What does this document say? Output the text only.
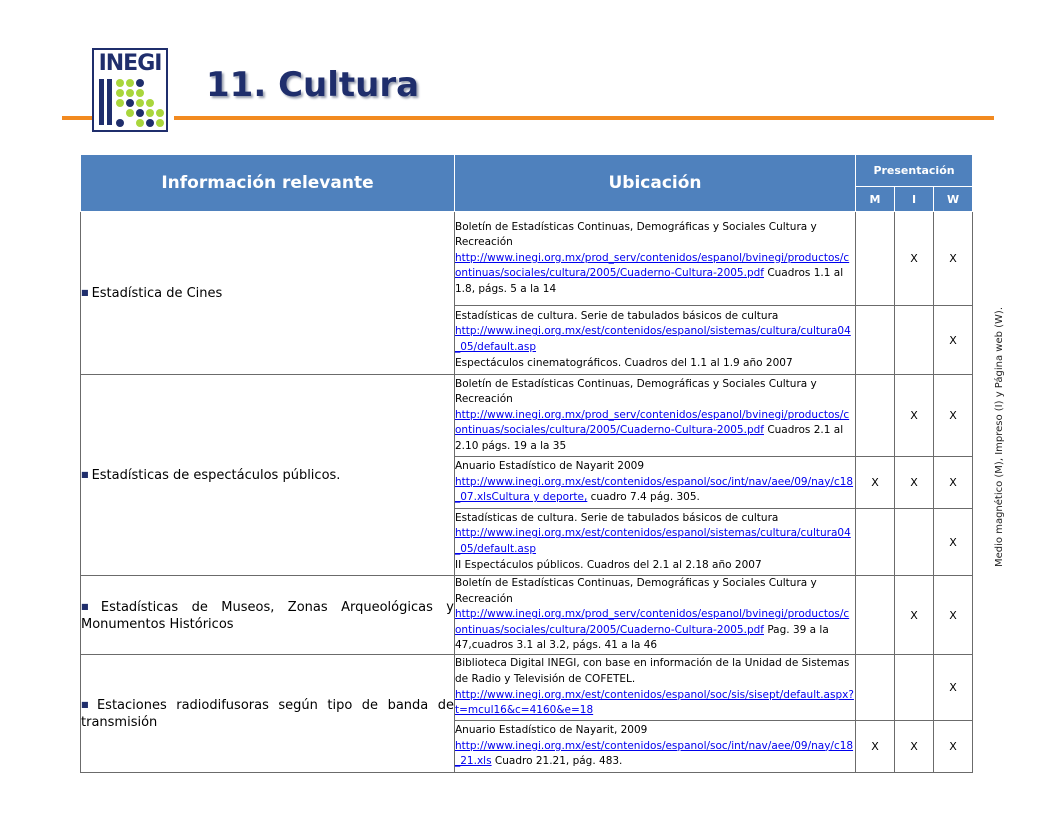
INEGI
11. Cultura
Información relevante	Ubicación	Presentación		
		M	I	W
■ Estadística de Cines	Boletín de Estadísticas Continuas, Demográficas y Sociales Cultura y Recreación
http://www.inegi.org.mx/prod_serv/contenidos/espanol/bvinegi/productos/continuas/sociales/cultura/2005/Cuaderno-Cultura-2005.pdf Cuadros 1.1 al 1.8, págs. 5 a la 14		X	X
	Estadísticas de cultura. Serie de tabulados básicos de cultura
http://www.inegi.org.mx/est/contenidos/espanol/sistemas/cultura/cultura04_05/default.asp
Espectáculos cinematográficos. Cuadros del 1.1 al 1.9 año 2007			X
■ Estadísticas de espectáculos públicos.	Boletín de Estadísticas Continuas, Demográficas y Sociales Cultura y Recreación
http://www.inegi.org.mx/prod_serv/contenidos/espanol/bvinegi/productos/continuas/sociales/cultura/2005/Cuaderno-Cultura-2005.pdf Cuadros 2.1 al 2.10 págs. 19 a la 35		X	X
	Anuario Estadístico de Nayarit 2009
http://www.inegi.org.mx/est/contenidos/espanol/soc/int/nav/aee/09/nay/c18_07.xlsCultura y deporte, cuadro 7.4 pág. 305.	X	X	X
	Estadísticas de cultura. Serie de tabulados básicos de cultura
http://www.inegi.org.mx/est/contenidos/espanol/sistemas/cultura/cultura04_05/default.asp
II Espectáculos públicos. Cuadros del 2.1 al 2.18 año 2007			X
■ Estadísticas de Museos, Zonas Arqueológicas y Monumentos Históricos	Boletín de Estadísticas Continuas, Demográficas y Sociales Cultura y Recreación
http://www.inegi.org.mx/prod_serv/contenidos/espanol/bvinegi/productos/continuas/sociales/cultura/2005/Cuaderno-Cultura-2005.pdf Pag. 39 a la 47,cuadros 3.1 al 3.2, págs. 41 a la 46		X	X
■ Estaciones radiodifusoras según tipo de banda de transmisión	Biblioteca Digital INEGI, con base en información de la Unidad de Sistemas de Radio y Televisión de COFETEL.
http://www.inegi.org.mx/est/contenidos/espanol/soc/sis/sisept/default.aspx?t=mcul16&c=4160&e=18			X
	Anuario Estadístico de Nayarit, 2009
http://www.inegi.org.mx/est/contenidos/espanol/soc/int/nav/aee/09/nay/c18_21.xls Cuadro 21.21, pág. 483.	X	X	X
Medio magnético (M), Impreso (I) y Página web (W).
